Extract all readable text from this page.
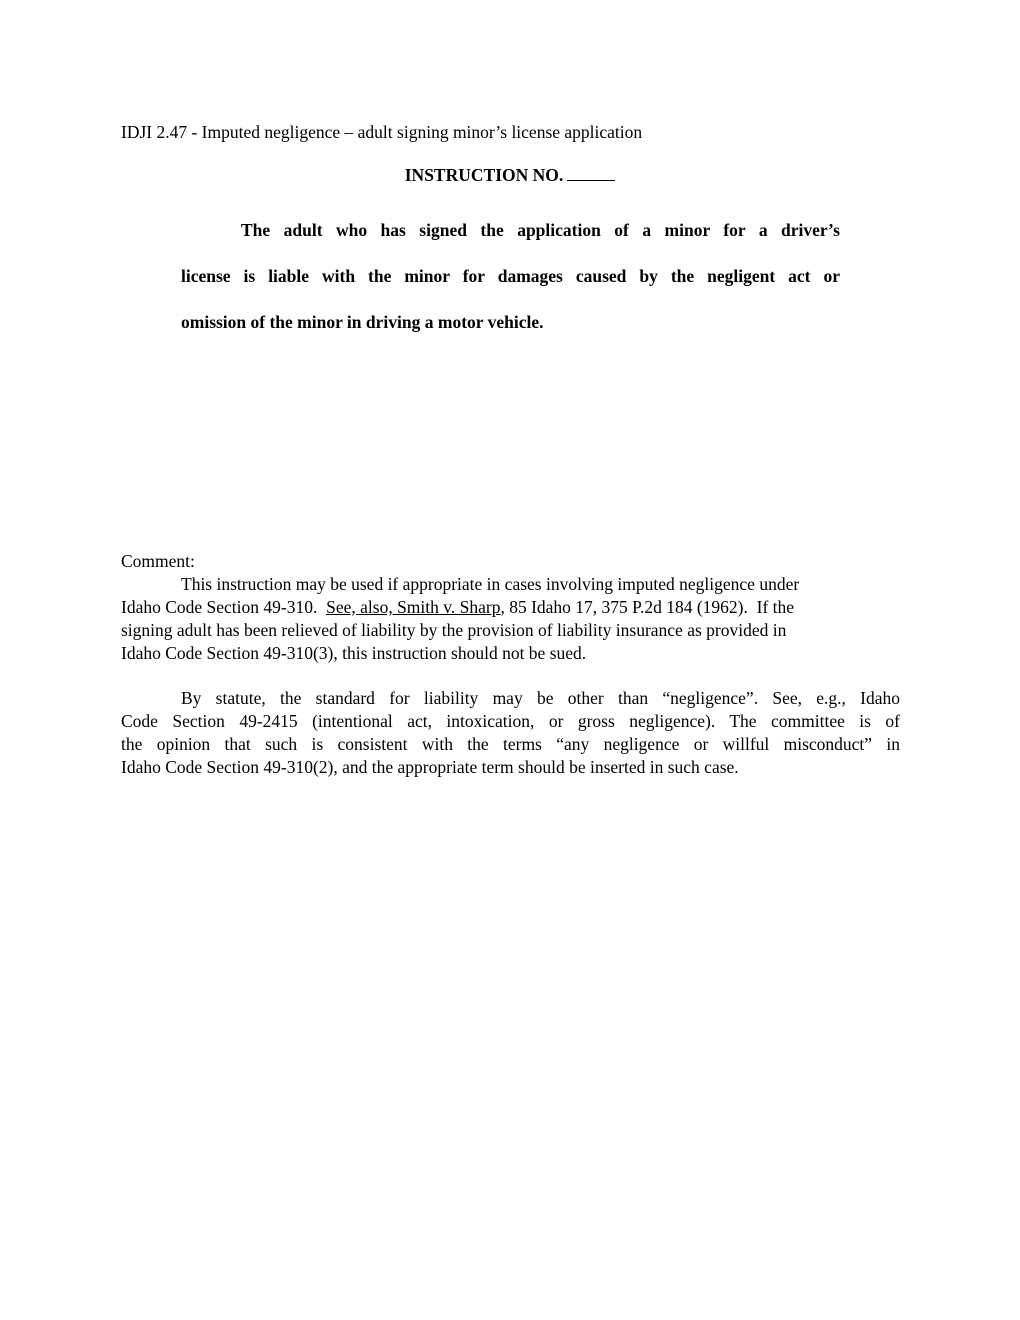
IDJI 2.47 - Imputed negligence – adult signing minor’s license application
INSTRUCTION NO.
The adult who has signed the application of a minor for a driver’s
license is liable with the minor for damages caused by the negligent act or
omission of the minor in driving a motor vehicle.
Comment:
This instruction may be used if appropriate in cases involving imputed negligence under
Idaho Code Section 49-310.  See, also, Smith v. Sharp, 85 Idaho 17, 375 P.2d 184 (1962).  If the
signing adult has been relieved of liability by the provision of liability insurance as provided in
Idaho Code Section 49-310(3), this instruction should not be sued.
By statute, the standard for liability may be other than “negligence”. See, e.g., Idaho
Code Section 49-2415 (intentional act, intoxication, or gross negligence). The committee is of
the opinion that such is consistent with the terms “any negligence or willful misconduct” in
Idaho Code Section 49-310(2), and the appropriate term should be inserted in such case.
